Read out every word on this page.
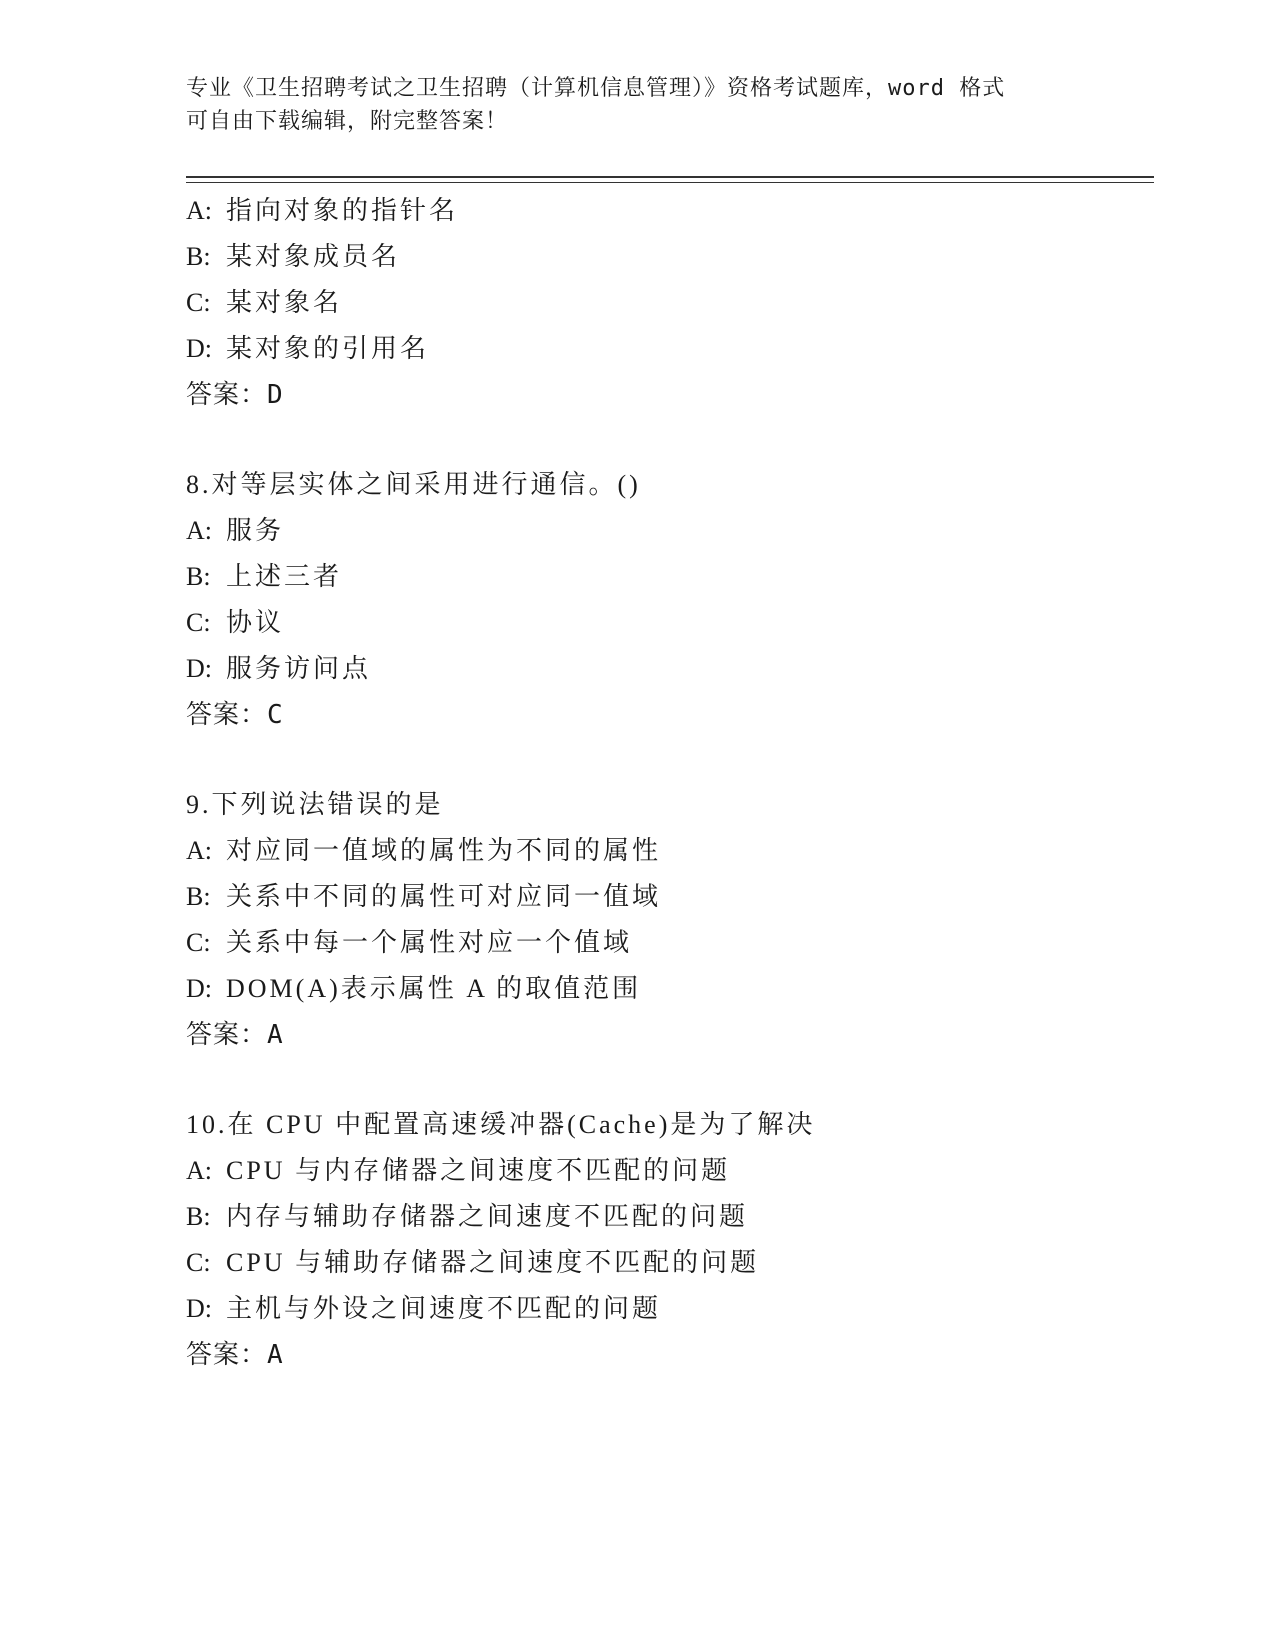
专业《卫生招聘考试之卫生招聘（计算机信息管理）》资格考试题库，word 格式
可自由下载编辑，附完整答案！
A: 指向对象的指针名
B: 某对象成员名
C: 某对象名
D: 某对象的引用名
答案：D
8.对等层实体之间采用进行通信。()
A: 服务
B: 上述三者
C: 协议
D: 服务访问点
答案：C
9.下列说法错误的是
A: 对应同一值域的属性为不同的属性
B: 关系中不同的属性可对应同一值域
C: 关系中每一个属性对应一个值域
D: DOM(A)表示属性 A 的取值范围
答案：A
10.在 CPU 中配置高速缓冲器(Cache)是为了解决
A: CPU 与内存储器之间速度不匹配的问题
B: 内存与辅助存储器之间速度不匹配的问题
C: CPU 与辅助存储器之间速度不匹配的问题
D: 主机与外设之间速度不匹配的问题
答案：A
